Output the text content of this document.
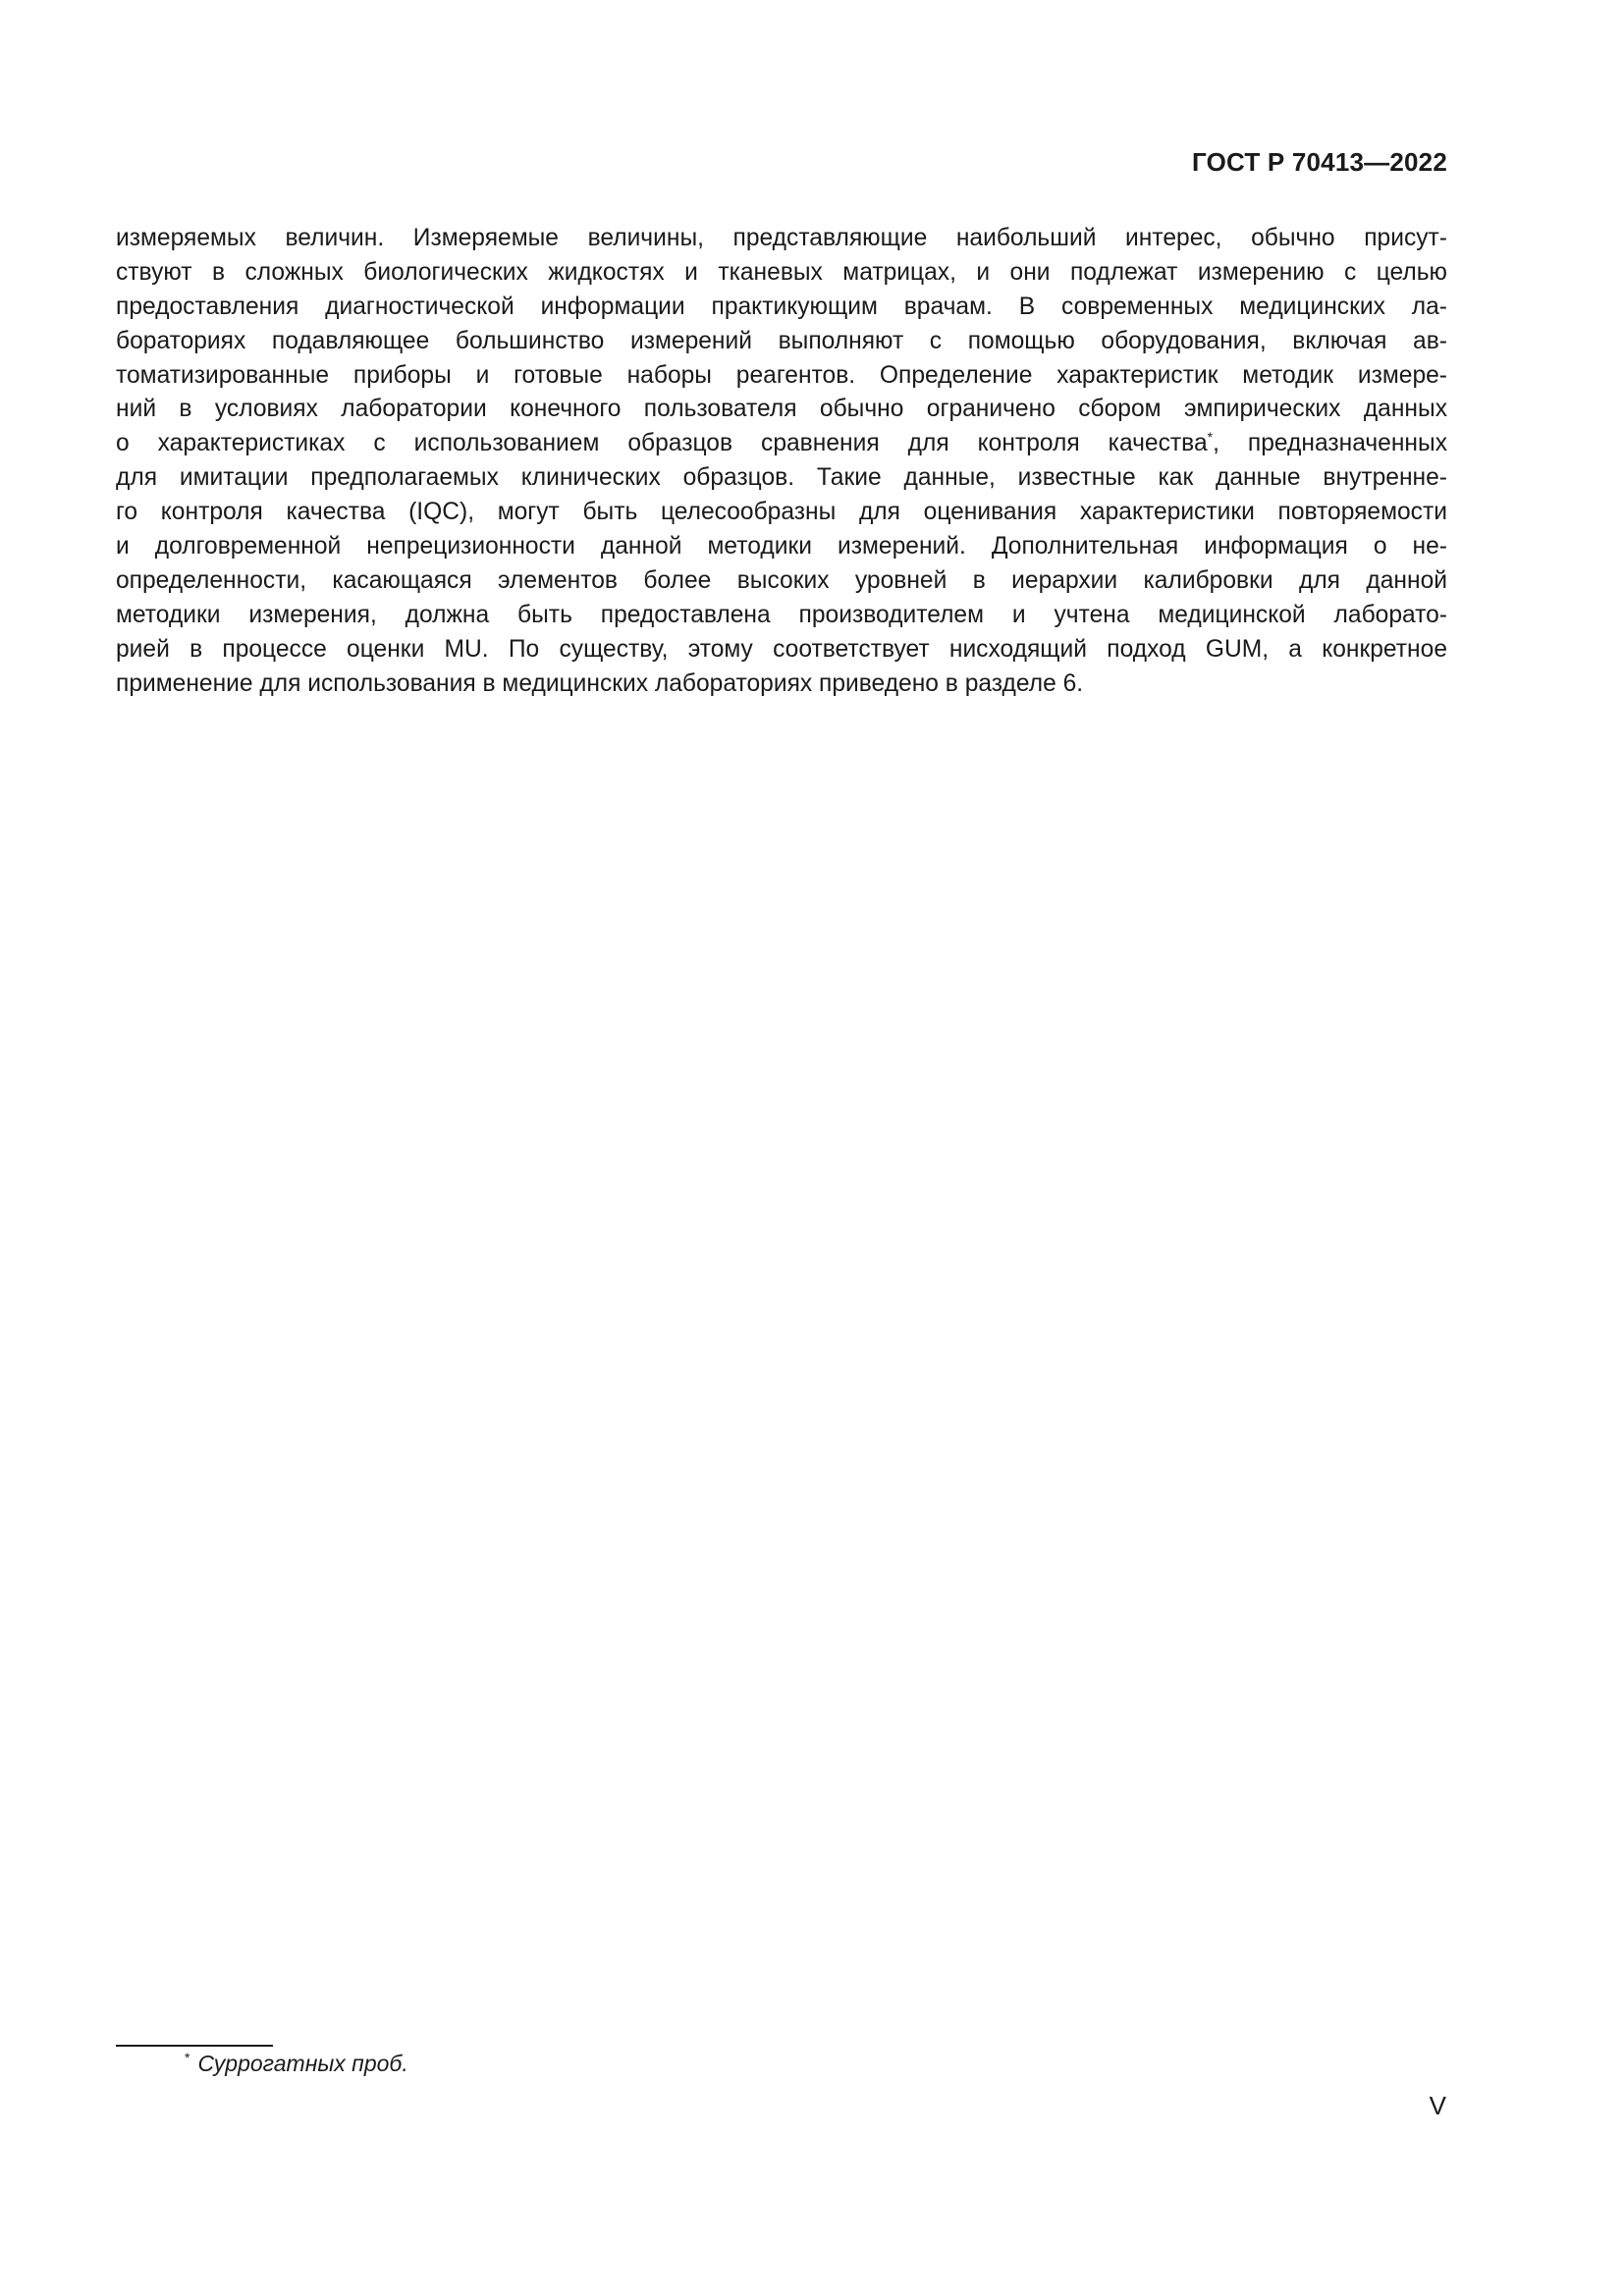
ГОСТ Р 70413—2022
измеряемых величин. Измеряемые величины, представляющие наибольший интерес, обычно присут-
ствуют в сложных биологических жидкостях и тканевых матрицах, и они подлежат измерению с целью
предоставления диагностической информации практикующим врачам. В современных медицинских ла-
бораториях подавляющее большинство измерений выполняют с помощью оборудования, включая ав-
томатизированные приборы и готовые наборы реагентов. Определение характеристик методик измере-
ний в условиях лаборатории конечного пользователя обычно ограничено сбором эмпирических данных
о характеристиках с использованием образцов сравнения для контроля качества*, предназначенных
для имитации предполагаемых клинических образцов. Такие данные, известные как данные внутренне-
го контроля качества (IQC), могут быть целесообразны для оценивания характеристики повторяемости
и долговременной непрецизионности данной методики измерений. Дополнительная информация о не-
определенности, касающаяся элементов более высоких уровней в иерархии калибровки для данной
методики измерения, должна быть предоставлена производителем и учтена медицинской лаборато-
рией в процессе оценки MU. По существу, этому соответствует нисходящий подход GUM, а конкретное
применение для использования в медицинских лабораториях приведено в разделе 6.
* Суррогатных проб.
V
